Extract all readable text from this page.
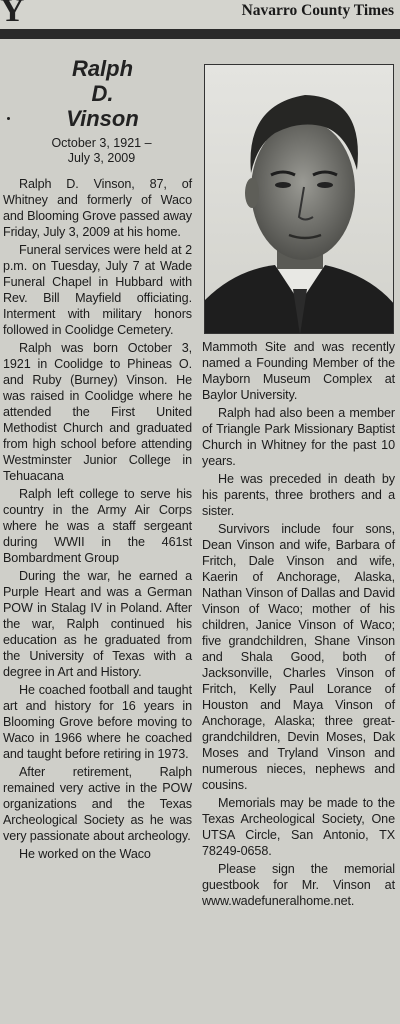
Y	Navarro County Times

Ralph

D.

Vinson

October 3, 1921 –
July 3, 2009

Ralph D. Vinson, 87, of Whitney and formerly of Waco and Blooming Grove passed away Friday, July 3, 2009 at his home.

Funeral services were held at 2 p.m. on Tuesday, July 7 at Wade Funeral Chapel in Hubbard with Rev. Bill Mayfield officiating. Interment with military honors followed in Coolidge Cemetery.

Ralph was born October 3, 1921 in Coolidge to Phineas O. and Ruby (Burney) Vinson. He was raised in Coolidge where he attended the First United Methodist Church and graduated from high school before attending Westminster Junior College in Tehuacana

Ralph left college to serve his country in the Army Air Corps where he was a staff sergeant during WWII in the 461st Bombardment Group

During the war, he earned a Purple Heart and was a German POW in Stalag IV in Poland. After the war, Ralph continued his education as he graduated from the University of Texas with a degree in Art and History.

He coached football and taught art and history for 16 years in Blooming Grove before moving to Waco in 1966 where he coached and taught before retiring in 1973.

After retirement, Ralph remained very active in the POW organizations and the Texas Archeological Society as he was very passionate about archeology.

He worked on the Waco

Mammoth Site and was recently named a Founding Member of the Mayborn Museum Complex at Baylor University.

Ralph had also been a member of Triangle Park Missionary Baptist Church in Whitney for the past 10 years.

He was preceded in death by his parents, three brothers and a sister.

Survivors include four sons, Dean Vinson and wife, Barbara of Fritch, Dale Vinson and wife, Kaerin of Anchorage, Alaska, Nathan Vinson of Dallas and David Vinson of Waco; mother of his children, Janice Vinson of Waco; five grandchildren, Shane Vinson and Shala Good, both of Jacksonville, Charles Vinson of Fritch, Kelly Paul Lorance of Houston and Maya Vinson of Anchorage, Alaska; three great-grandchildren, Devin Moses, Dak Moses and Tryland Vinson and numerous nieces, nephews and cousins.

Memorials may be made to the Texas Archeological Society, One UTSA Circle, San Antonio, TX 78249-0658.

Please sign the memorial guestbook for Mr. Vinson at www.wadefuneralhome.net.
